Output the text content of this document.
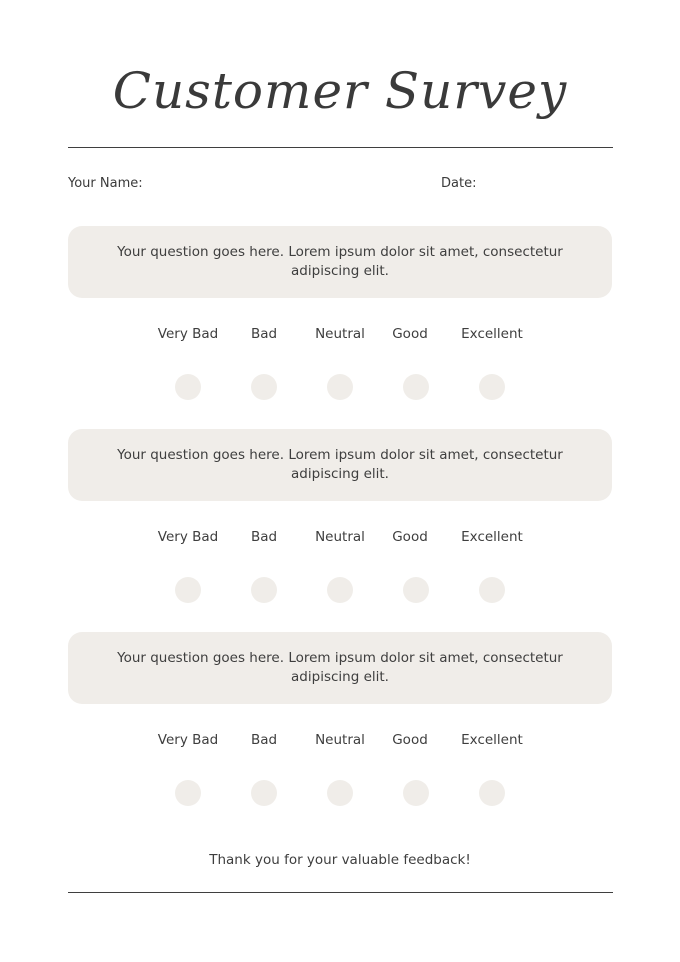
Customer Survey
Your Name:	Date:
Your question goes here. Lorem ipsum dolor sit amet, consectetur adipiscing elit.
Very Bad	Bad	Neutral	Good	Excellent
Your question goes here. Lorem ipsum dolor sit amet, consectetur adipiscing elit.
Very Bad	Bad	Neutral	Good	Excellent
Your question goes here. Lorem ipsum dolor sit amet, consectetur adipiscing elit.
Very Bad	Bad	Neutral	Good	Excellent
Thank you for your valuable feedback!
